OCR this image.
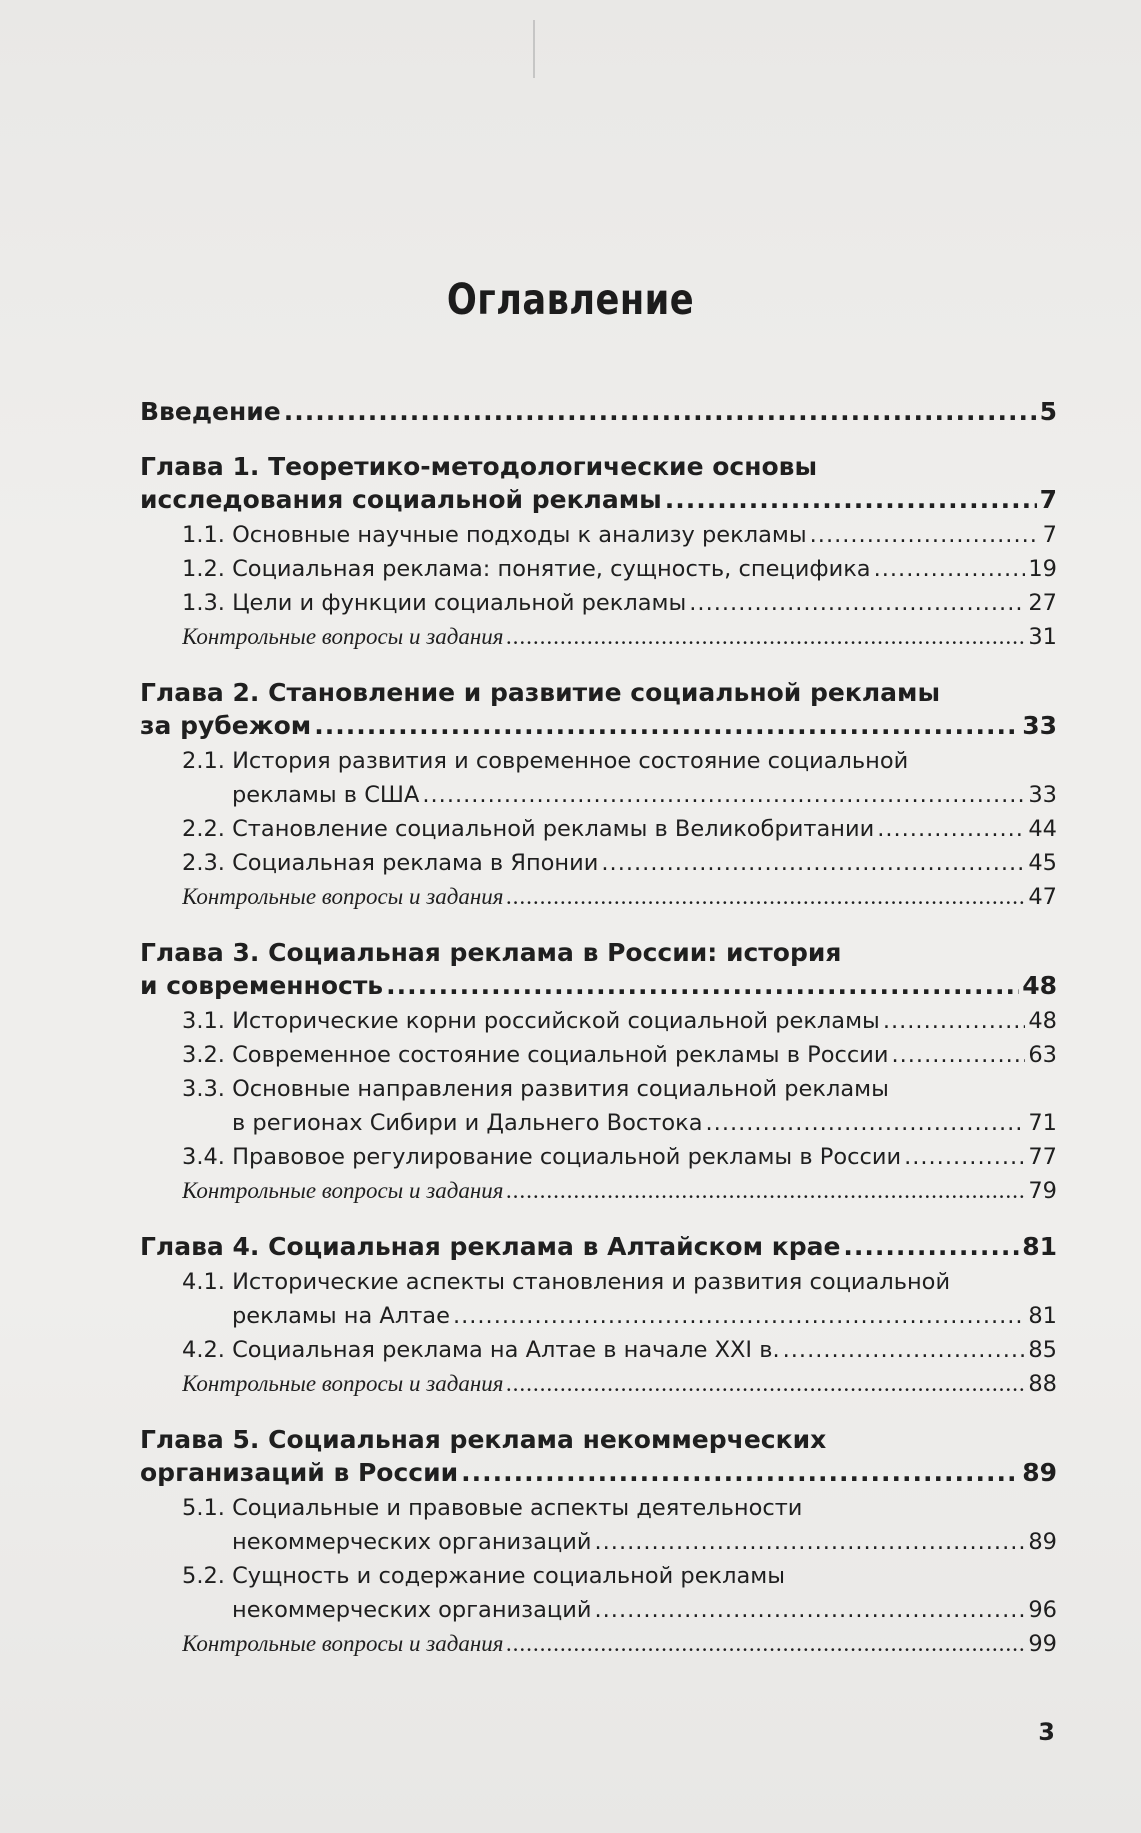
Оглавление
Введение .....	5
Глава 1. Теоретико-методологические основы
исследования социальной рекламы .....	7
1.1. Основные научные подходы к анализу рекламы .....	7
1.2. Социальная реклама: понятие, сущность, специфика .....	19
1.3. Цели и функции социальной рекламы .....	27
Контрольные вопросы и задания .....	31
Глава 2. Становление и развитие социальной рекламы
за рубежом .....	33
2.1. История развития и современное состояние социальной
рекламы в США .....	33
2.2. Становление социальной рекламы в Великобритании .....	44
2.3. Социальная реклама в Японии .....	45
Контрольные вопросы и задания .....	47
Глава 3. Социальная реклама в России: история
и современность .....	48
3.1. Исторические корни российской социальной рекламы .....	48
3.2. Современное состояние социальной рекламы в России .....	63
3.3. Основные направления развития социальной рекламы
в регионах Сибири и Дальнего Востока .....	71
3.4. Правовое регулирование социальной рекламы в России .....	77
Контрольные вопросы и задания .....	79
Глава 4. Социальная реклама в Алтайском крае .....	81
4.1. Исторические аспекты становления и развития социальной
рекламы на Алтае .....	81
4.2. Социальная реклама на Алтае в начале XXI в. .....	85
Контрольные вопросы и задания .....	88
Глава 5. Социальная реклама некоммерческих
организаций в России .....	89
5.1. Социальные и правовые аспекты деятельности
некоммерческих организаций .....	89
5.2. Сущность и содержание социальной рекламы
некоммерческих организаций .....	96
Контрольные вопросы и задания .....	99
3
